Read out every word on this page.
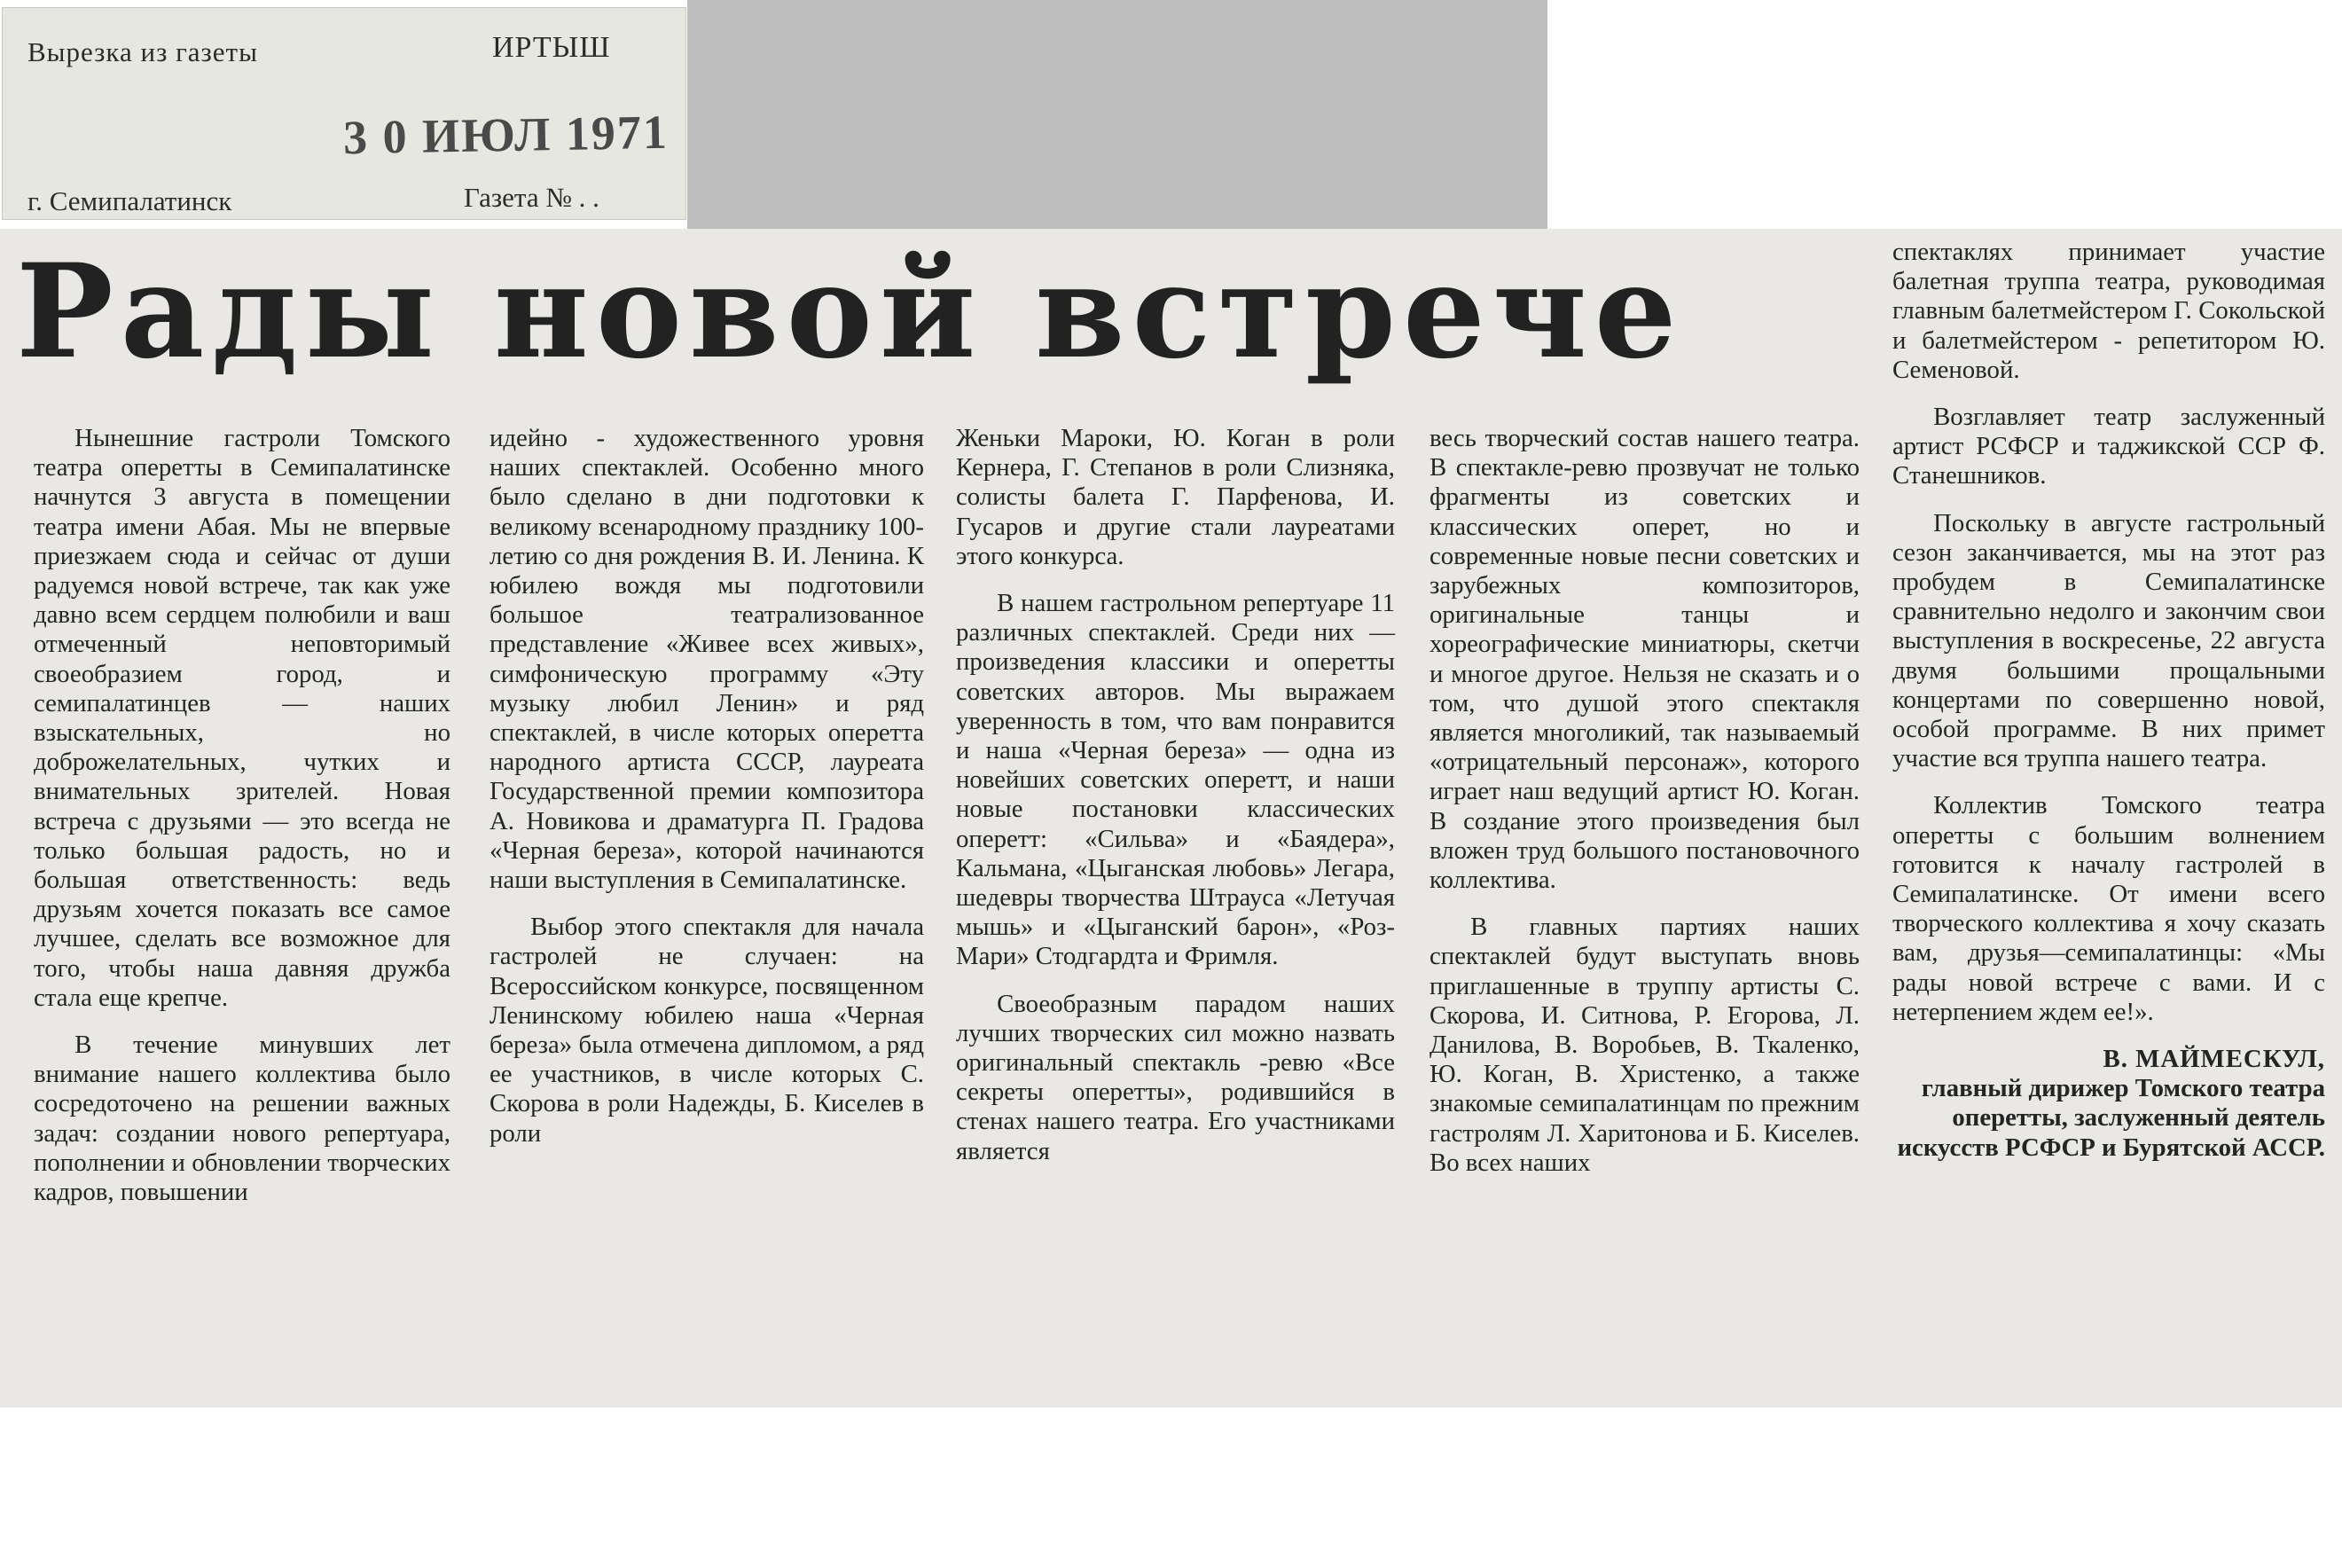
Вырезка из газеты	ИРТЫШ
3 0 ИЮЛ 1971
г. Семипалатинск	Газета № . .
Рады новой встрече

Нынешние гастроли Томского театра оперетты в Семипалатинске начнутся 3 августа в помещении театра имени Абая. Мы не впервые приезжаем сюда и сейчас от души радуемся новой встрече, так как уже давно всем сердцем полюбили и ваш отмеченный неповторимый своеобразием город, и семипалатинцев — наших взыскательных, но доброжелательных, чутких и внимательных зрителей. Новая встреча с друзьями — это всегда не только большая радость, но и большая ответственность: ведь друзьям хочется показать все самое лучшее, сделать все возможное для того, чтобы наша давняя дружба стала еще крепче.

В течение минувших лет внимание нашего коллектива было сосредоточено на решении важных задач: создании нового репертуара, пополнении и обновлении творческих кадров, повышении

идейно - художественного уровня наших спектаклей. Особенно много было сделано в дни подготовки к великому всенародному празднику 100-летию со дня рождения В. И. Ленина. К юбилею вождя мы подготовили большое театрализованное представление «Живее всех живых», симфоническую программу «Эту музыку любил Ленин» и ряд спектаклей, в числе которых оперетта народного артиста СССР, лауреата Государственной премии композитора А. Новикова и драматурга П. Градова «Черная береза», которой начинаются наши выступления в Семипалатинске.

Выбор этого спектакля для начала гастролей не случаен: на Всероссийском конкурсе, посвященном Ленинскому юбилею наша «Черная береза» была отмечена дипломом, а ряд ее участников, в числе которых С. Скорова в роли Надежды, Б. Киселев в роли

Женьки Мароки, Ю. Коган в роли Кернера, Г. Степанов в роли Слизняка, солисты балета Г. Парфенова, И. Гусаров и другие стали лауреатами этого конкурса.

В нашем гастрольном репертуаре 11 различных спектаклей. Среди них — произведения классики и оперетты советских авторов. Мы выражаем уверенность в том, что вам понравится и наша «Черная береза» — одна из новейших советских оперетт, и наши новые постановки классических оперетт: «Сильва» и «Баядера», Кальмана, «Цыганская любовь» Легара, шедевры творчества Штрауса «Летучая мышь» и «Цыганский барон», «Роз-Мари» Стодгардта и Фримля.

Своеобразным парадом наших лучших творческих сил можно назвать оригинальный спектакль -ревю «Все секреты оперетты», родившийся в стенах нашего театра. Его участниками является

весь творческий состав нашего театра. В спектакле-ревю прозвучат не только фрагменты из советских и классических оперет, но и современные новые песни советских и зарубежных композиторов, оригинальные танцы и хореографические миниатюры, скетчи и многое другое. Нельзя не сказать и о том, что душой этого спектакля является многоликий, так называемый «отрицательный персонаж», которого играет наш ведущий артист Ю. Коган. В создание этого произведения был вложен труд большого постановочного коллектива.

В главных партиях наших спектаклей будут выступать вновь приглашенные в труппу артисты С. Скорова, И. Ситнова, Р. Егорова, Л. Данилова, В. Воробьев, В. Ткаленко, Ю. Коган, В. Христенко, а также знакомые семипалатинцам по прежним гастролям Л. Харитонова и Б. Киселев. Во всех наших

спектаклях принимает участие балетная труппа театра, руководимая главным балетмейстером Г. Сокольской и балетмейстером - репетитором Ю. Семеновой.

Возглавляет театр заслуженный артист РСФСР и таджикской ССР Ф. Станешников.

Поскольку в августе гастрольный сезон заканчивается, мы на этот раз пробудем в Семипалатинске сравнительно недолго и закончим свои выступления в воскресенье, 22 августа двумя большими прощальными концертами по совершенно новой, особой программе. В них примет участие вся труппа нашего театра.

Коллектив Томского театра оперетты с большим волнением готовится к началу гастролей в Семипалатинске. От имени всего творческого коллектива я хочу сказать вам, друзья—семипалатинцы: «Мы рады новой встрече с вами. И с нетерпением ждем ее!».

В. МАЙМЕСКУЛ,

главный дирижер Томского театра оперетты, заслуженный деятель искусств РСФСР и Бурятской АССР.
